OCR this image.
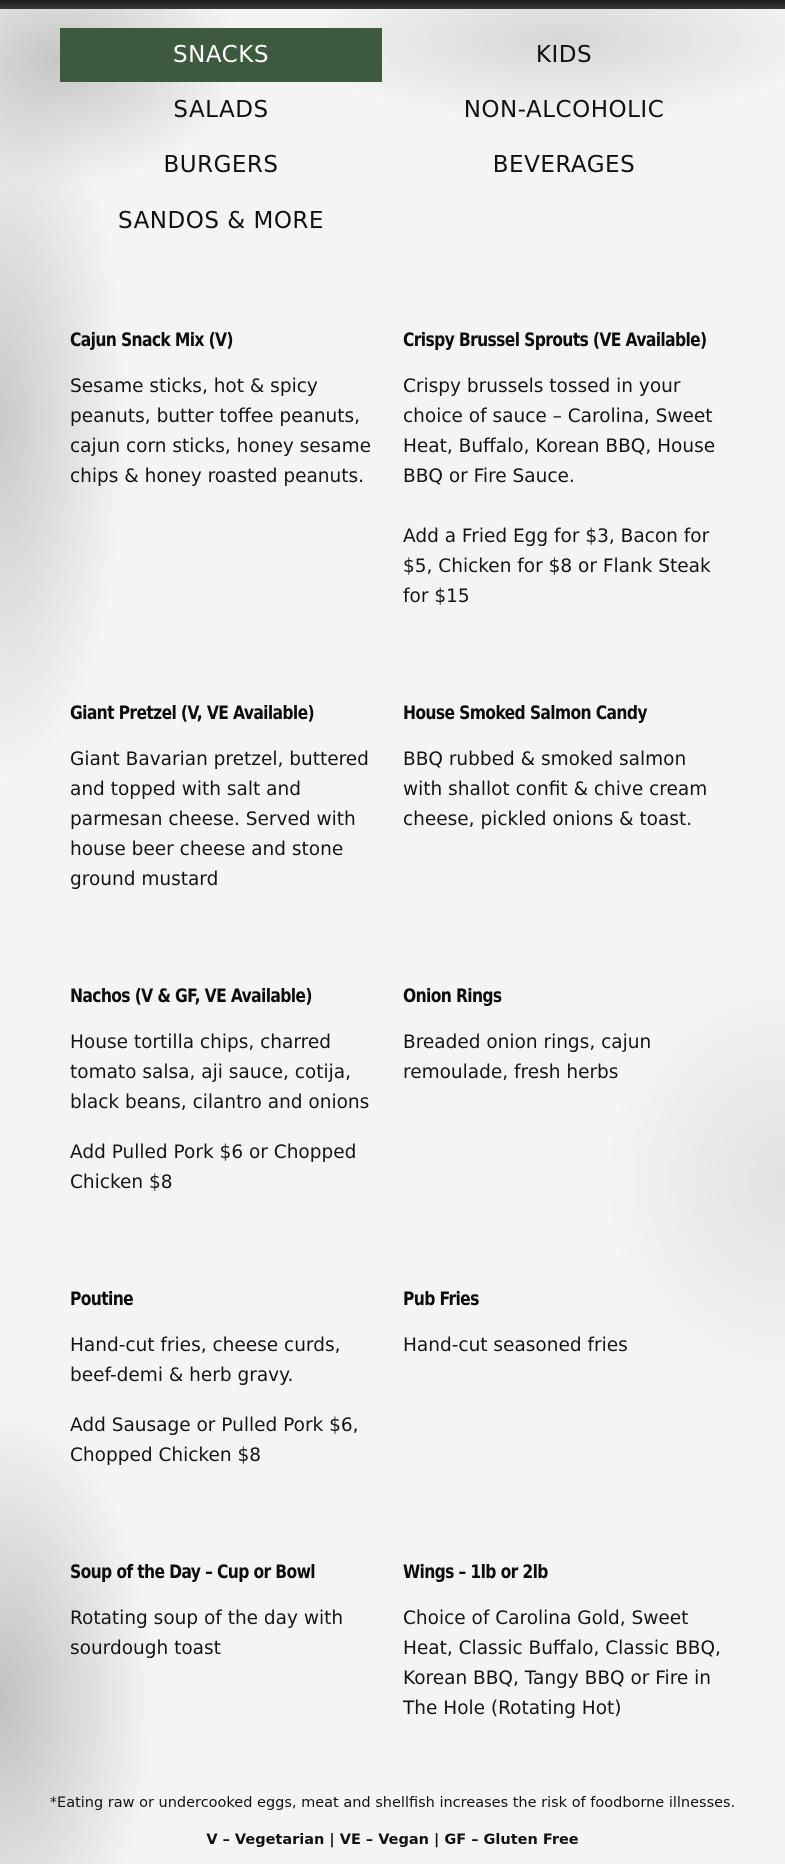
SNACKS
SALADS
BURGERS
SANDOS & MORE
KIDS
NON-ALCOHOLIC
BEVERAGES
Cajun Snack Mix (V)

Sesame sticks, hot & spicy peanuts, butter toffee peanuts, cajun corn sticks, honey sesame chips & honey roasted peanuts.

Crispy Brussel Sprouts (VE Available)

Crispy brussels tossed in your choice of sauce – Carolina, Sweet Heat, Buffalo, Korean BBQ, House BBQ or Fire Sauce.

Add a Fried Egg for $3, Bacon for $5, Chicken for $8 or Flank Steak for $15

Giant Pretzel (V, VE Available)

Giant Bavarian pretzel, buttered and topped with salt and parmesan cheese. Served with house beer cheese and stone ground mustard

House Smoked Salmon Candy

BBQ rubbed & smoked salmon with shallot confit & chive cream cheese, pickled onions & toast.

Nachos (V & GF, VE Available)

House tortilla chips, charred tomato salsa, aji sauce, cotija, black beans, cilantro and onions

Add Pulled Pork $6 or Chopped Chicken $8

Onion Rings

Breaded onion rings, cajun remoulade, fresh herbs

Poutine

Hand-cut fries, cheese curds, beef-demi & herb gravy.

Add Sausage or Pulled Pork $6, Chopped Chicken $8

Pub Fries

Hand-cut seasoned fries

Soup of the Day – Cup or Bowl

Rotating soup of the day with sourdough toast

Wings – 1lb or 2lb

Choice of Carolina Gold, Sweet Heat, Classic Buffalo, Classic BBQ, Korean BBQ, Tangy BBQ or Fire in The Hole (Rotating Hot)

*Eating raw or undercooked eggs, meat and shellfish increases the risk of foodborne illnesses.
V – Vegetarian | VE – Vegan | GF – Gluten Free
